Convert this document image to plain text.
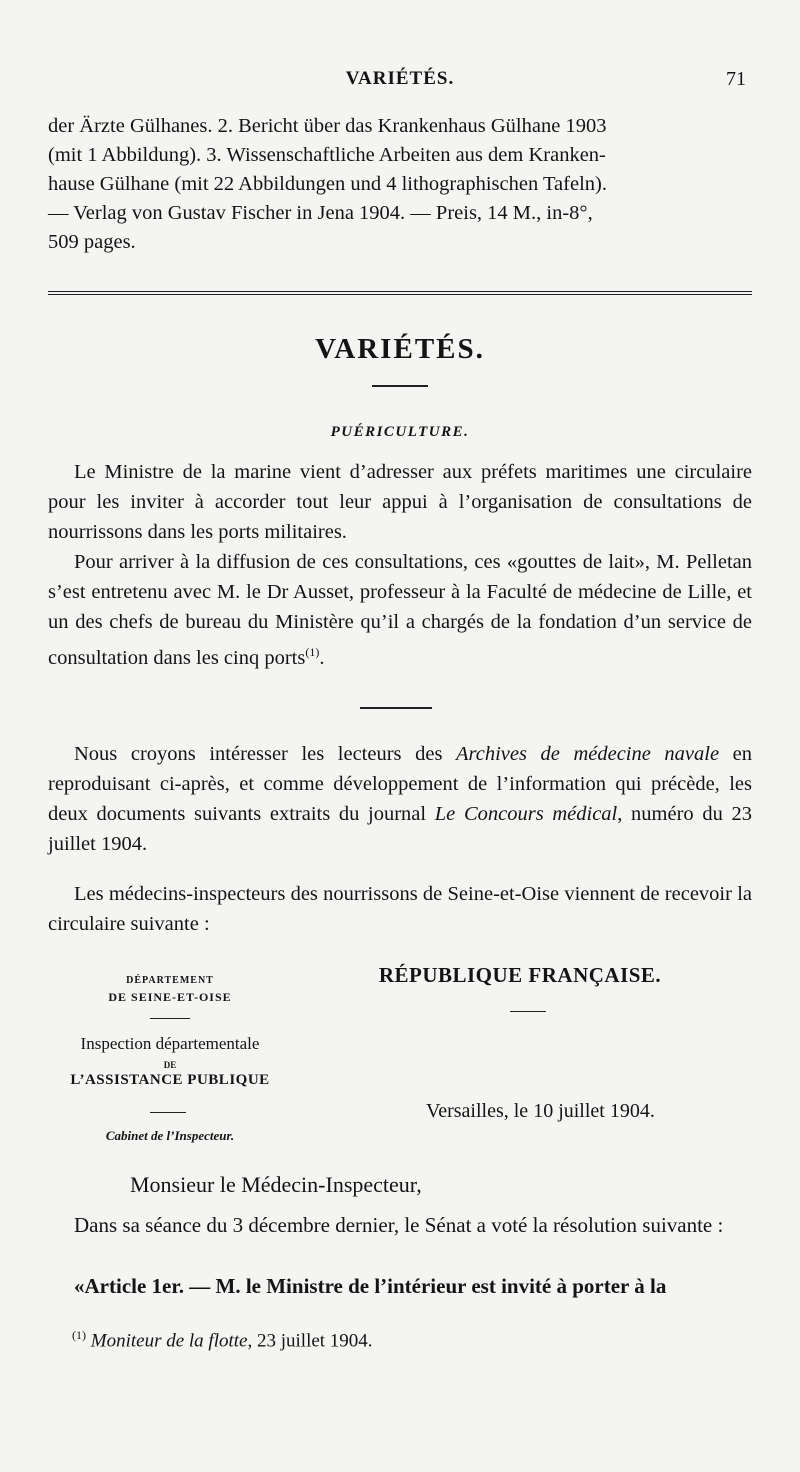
VARIÉTÉS.	71
der Ärzte Gülhanes. 2. Bericht über das Krankenhaus Gülhane 1903
(mit 1 Abbildung). 3. Wissenschaftliche Arbeiten aus dem Kranken-
hause Gülhane (mit 22 Abbildungen und 4 lithographischen Tafeln).
— Verlag von Gustav Fischer in Jena 1904. — Preis, 14 M., in-8°,
509 pages.
VARIÉTÉS.
PUÉRICULTURE.
Le Ministre de la marine vient d’adresser aux préfets maritimes une circulaire pour les inviter à accorder tout leur appui à l’organisation de consultations de nourrissons dans les ports militaires.
Pour arriver à la diffusion de ces consultations, ces «gouttes de lait», M. Pelletan s’est entretenu avec M. le Dr Ausset, professeur à la Faculté de médecine de Lille, et un des chefs de bureau du Ministère qu’il a chargés de la fondation d’un service de consultation dans les cinq ports$^{(1)}$.
Nous croyons intéresser les lecteurs des Archives de médecine navale en reproduisant ci-après, et comme développement de l’information qui précède, les deux documents suivants extraits du journal Le Concours médical, numéro du 23 juillet 1904.
Les médecins-inspecteurs des nourrissons de Seine-et-Oise viennent de recevoir la circulaire suivante :
DÉPARTEMENT
DE SEINE-ET-OISE
Inspection départementale
DE
L’ASSISTANCE PUBLIQUE
Cabinet de l’Inspecteur.
RÉPUBLIQUE FRANÇAISE.
Versailles, le 10 juillet 1904.
Monsieur le Médecin-Inspecteur,
Dans sa séance du 3 décembre dernier, le Sénat a voté la résolution suivante :
«Article 1er. — M. le Ministre de l’intérieur est invité à porter à la
$^{(1)}$ Moniteur de la flotte, 23 juillet 1904.
